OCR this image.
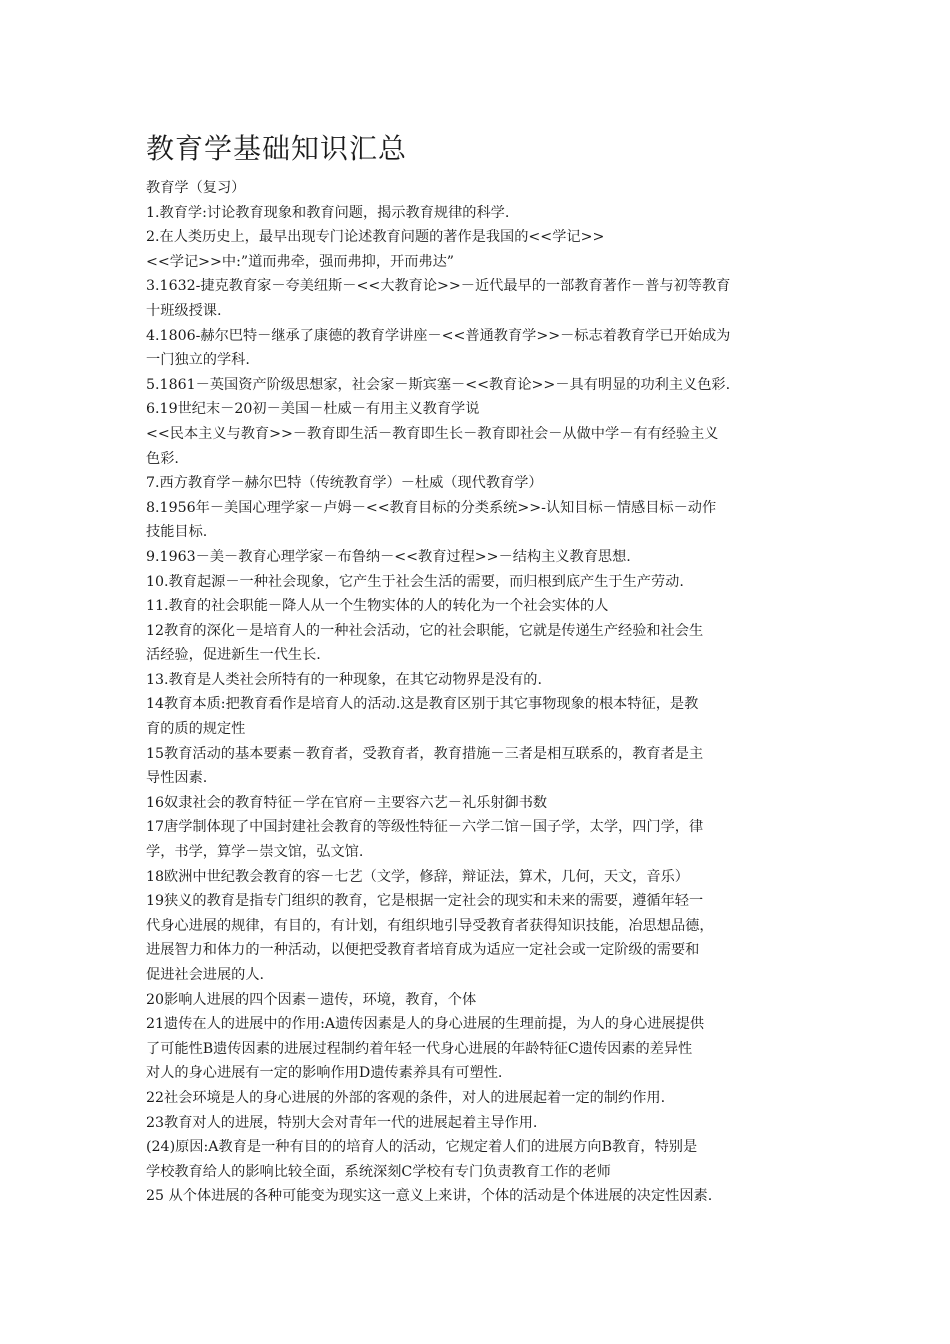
教育学基础知识汇总

教育学（复习）

1.教育学:讨论教育现象和教育问题，揭示教育规律的科学.

2.在人类历史上，最早出现专门论述教育问题的著作是我国的<<学记>>

<<学记>>中:”道而弗牵，强而弗抑，开而弗达”

3.1632-捷克教育家－夸美纽斯－<<大教育论>>－近代最早的一部教育著作－普与初等教育

十班级授课.

4.1806-赫尔巴特－继承了康德的教育学讲座－<<普通教育学>>－标志着教育学已开始成为

一门独立的学科.

5.1861－英国资产阶级思想家，社会家－斯宾塞－<<教育论>>－具有明显的功利主义色彩.

6.19世纪末－20初－美国－杜威－有用主义教育学说

<<民本主义与教育>>－教育即生活－教育即生长－教育即社会－从做中学－有有经验主义

色彩.

7.西方教育学－赫尔巴特（传统教育学）－杜威（现代教育学）

8.1956年－美国心理学家－卢姆－<<教育目标的分类系统>>-认知目标－情感目标－动作

技能目标.

9.1963－美－教育心理学家－布鲁纳－<<教育过程>>－结构主义教育思想.

10.教育起源－一种社会现象，它产生于社会生活的需要，而归根到底产生于生产劳动.

11.教育的社会职能－降人从一个生物实体的人的转化为一个社会实体的人

12教育的深化－是培育人的一种社会活动，它的社会职能，它就是传递生产经验和社会生

活经验，促进新生一代生长.

13.教育是人类社会所特有的一种现象，在其它动物界是没有的.

14教育本质:把教育看作是培育人的活动.这是教育区别于其它事物现象的根本特征，是教

育的质的规定性

15教育活动的基本要素－教育者，受教育者，教育措施－三者是相互联系的，教育者是主

导性因素.

16奴隶社会的教育特征－学在官府－主要容六艺－礼乐射御书数

17唐学制体现了中国封建社会教育的等级性特征－六学二馆－国子学，太学，四门学，律

学，书学，算学－崇文馆，弘文馆.

18欧洲中世纪教会教育的容－七艺（文学，修辞，辩证法，算术，几何，天文，音乐）

19狭义的教育是指专门组织的教育，它是根据一定社会的现实和未来的需要，遵循年轻一

代身心进展的规律，有目的，有计划，有组织地引导受教育者获得知识技能，冶思想品德，

进展智力和体力的一种活动，以便把受教育者培育成为适应一定社会或一定阶级的需要和

促进社会进展的人.

20影响人进展的四个因素－遗传，环境，教育，个体

21遗传在人的进展中的作用:A遗传因素是人的身心进展的生理前提，为人的身心进展提供

了可能性B遗传因素的进展过程制约着年轻一代身心进展的年龄特征C遗传因素的差异性

对人的身心进展有一定的影响作用D遗传素养具有可塑性.

22社会环境是人的身心进展的外部的客观的条件，对人的进展起着一定的制约作用.

23教育对人的进展，特别大会对青年一代的进展起着主导作用.

(24)原因:A教育是一种有目的的培育人的活动，它规定着人们的进展方向B教育，特别是

学校教育给人的影响比较全面，系统深刻C学校有专门负责教育工作的老师

25 从个体进展的各种可能变为现实这一意义上来讲，个体的活动是个体进展的决定性因素.
